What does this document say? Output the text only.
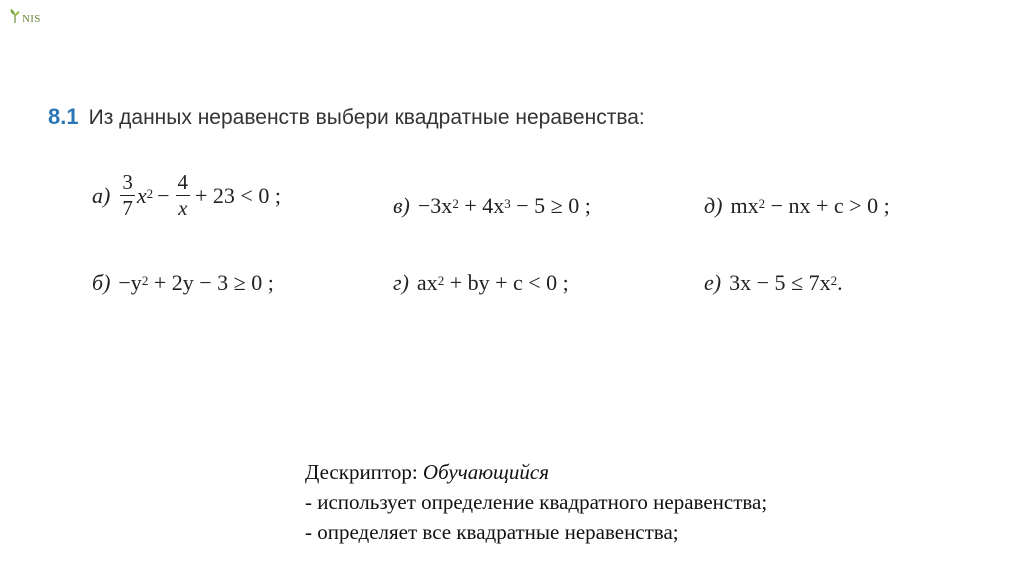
NIS
8.1 Из данных неравенств выбери квадратные неравенства:
$а) \frac{3}{7}$ x $2 - \frac{4}{x} + 23 < 0$ ;	в) −3x 2 + 4x 3 − 5 ≥ 0 ;	д) mx 2 − nx + c > 0 ;
б) −y 2 + 2y − 3 ≥ 0 ;	г) ax 2 + by + c < 0 ;	е) 3x − 5 ≤ 7x 2 .
Дескриптор: Обучающийся
- использует определение квадратного неравенства;
- определяет все квадратные неравенства;
